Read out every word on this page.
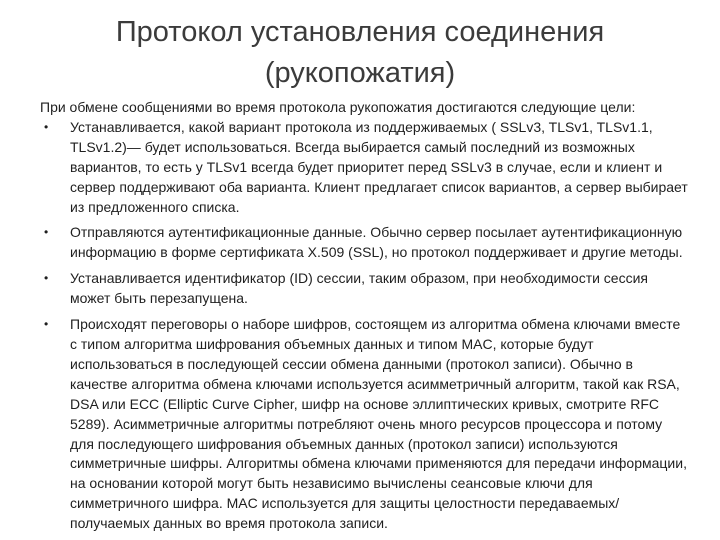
Протокол установления соединения
(рукопожатия)

При обмене сообщениями во время протокола рукопожатия достигаются следующие цели:

• Устанавливается, какой вариант протокола из поддерживаемых ( SSLv3, TLSv1, TLSv1.1, TLSv1.2)— будет использоваться. Всегда выбирается самый последний из возможных вариантов, то есть у TLSv1 всегда будет приоритет перед SSLv3 в случае, если и клиент и сервер поддерживают оба варианта. Клиент предлагает список вариантов, а сервер выбирает из предложенного списка.
• Отправляются аутентификационные данные. Обычно сервер посылает аутентификационную информацию в форме сертификата X.509 (SSL), но протокол поддерживает и другие методы.
• Устанавливается идентификатор (ID) сессии, таким образом, при необходимости сессия может быть перезапущена.
• Происходят переговоры о наборе шифров, состоящем из алгоритма обмена ключами вместе с типом алгоритма шифрования объемных данных и типом MAC, которые будут использоваться в последующей сессии обмена данными (протокол записи). Обычно в качестве алгоритма обмена ключами используется асимметричный алгоритм, такой как RSA, DSA или ECC (Elliptic Curve Cipher, шифр на основе эллиптических кривых, смотрите RFC 5289). Асимметричные алгоритмы потребляют очень много ресурсов процессора и потому для последующего шифрования объемных данных (протокол записи) используются симметричные шифры. Алгоритмы обмена ключами применяются для передачи информации, на основании которой могут быть независимо вычислены сеансовые ключи для симметричного шифра. MAC используется для защиты целостности передаваемых/получаемых данных во время протокола записи.
